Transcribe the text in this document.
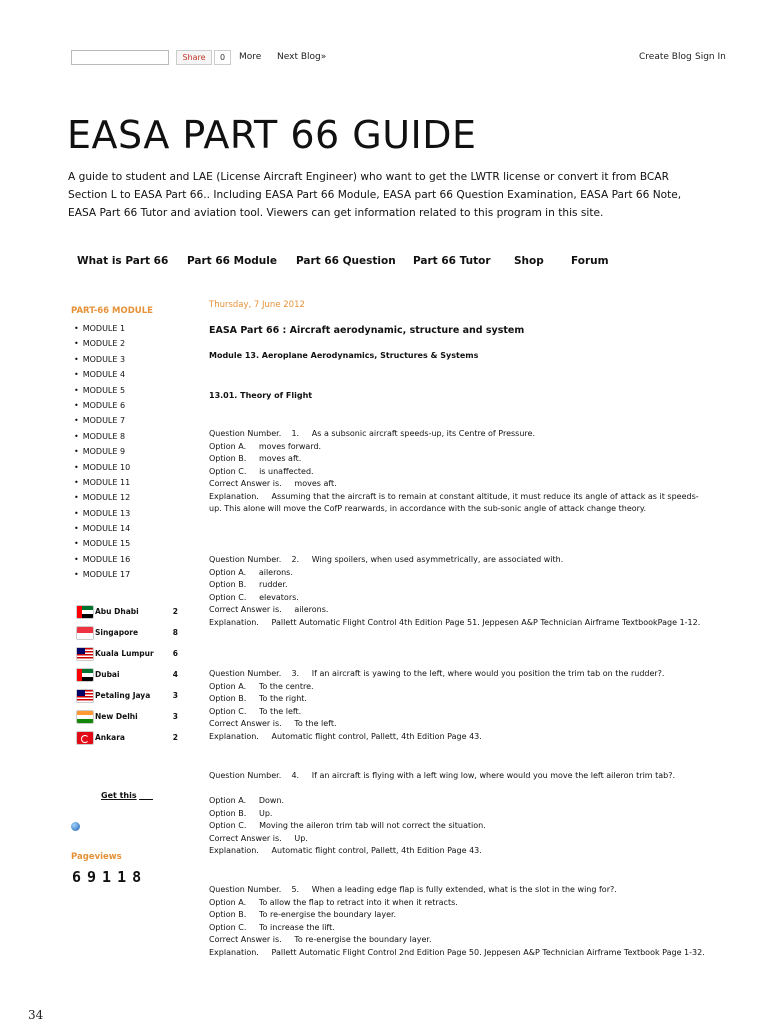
Share	0	More Next Blog»	Create Blog Sign In
EASA PART 66 GUIDE
A guide to student and LAE (License Aircraft Engineer) who want to get the LWTR license or convert it from BCAR Section L to EASA Part 66.. Including EASA Part 66 Module, EASA part 66 Question Examination, EASA Part 66 Note, EASA Part 66 Tutor and aviation tool. Viewers can get information related to this program in this site.
What is Part 66 Part 66 Module Part 66 Question Part 66 Tutor Shop	Forum
PART-66 MODULE
• MODULE 1
• MODULE 2
• MODULE 3
• MODULE 4
• MODULE 5
• MODULE 6
• MODULE 7
• MODULE 8
• MODULE 9
• MODULE 10
• MODULE 11
• MODULE 12
• MODULE 13
• MODULE 14
• MODULE 15
• MODULE 16
• MODULE 17
Abu Dhabi	2
Singapore	8
Kuala Lumpur	6
Dubai	4
Petaling Jaya	3
New Delhi	3
Ankara	2
Get this
Pageviews
69118
Thursday, 7 June 2012
EASA Part 66 : Aircraft aerodynamic, structure and system
Module 13. Aeroplane Aerodynamics, Structures & Systems
13.01. Theory of Flight
Question Number.    1.     As a subsonic aircraft speeds-up, its Centre of Pressure.
Option A.     moves forward.
Option B.     moves aft.
Option C.     is unaffected.
Correct Answer is.     moves aft.
Explanation.     Assuming that the aircraft is to remain at constant altitude, it must reduce its angle of attack as it speeds-up. This alone will move the CofP rearwards, in accordance with the sub-sonic angle of attack change theory.
Question Number.    2.     Wing spoilers, when used asymmetrically, are associated with.
Option A.     ailerons.
Option B.     rudder.
Option C.     elevators.
Correct Answer is.     ailerons.
Explanation.     Pallett Automatic Flight Control 4th Edition Page 51. Jeppesen A&P Technician Airframe TextbookPage 1-12.
Question Number.    3.     If an aircraft is yawing to the left, where would you position the trim tab on the rudder?.
Option A.     To the centre.
Option B.     To the right.
Option C.     To the left.
Correct Answer is.     To the left.
Explanation.     Automatic flight control, Pallett, 4th Edition Page 43.
Question Number.    4.     If an aircraft is flying with a left wing low, where would you move the left aileron trim tab?.
Option A.     Down.
Option B.     Up.
Option C.     Moving the aileron trim tab will not correct the situation.
Correct Answer is.     Up.
Explanation.     Automatic flight control, Pallett, 4th Edition Page 43.
Question Number.    5.     When a leading edge flap is fully extended, what is the slot in the wing for?.
Option A.     To allow the flap to retract into it when it retracts.
Option B.     To re-energise the boundary layer.
Option C.     To increase the lift.
Correct Answer is.     To re-energise the boundary layer.
Explanation.     Pallett Automatic Flight Control 2nd Edition Page 50. Jeppesen A&P Technician Airframe Textbook Page 1-32.
34
